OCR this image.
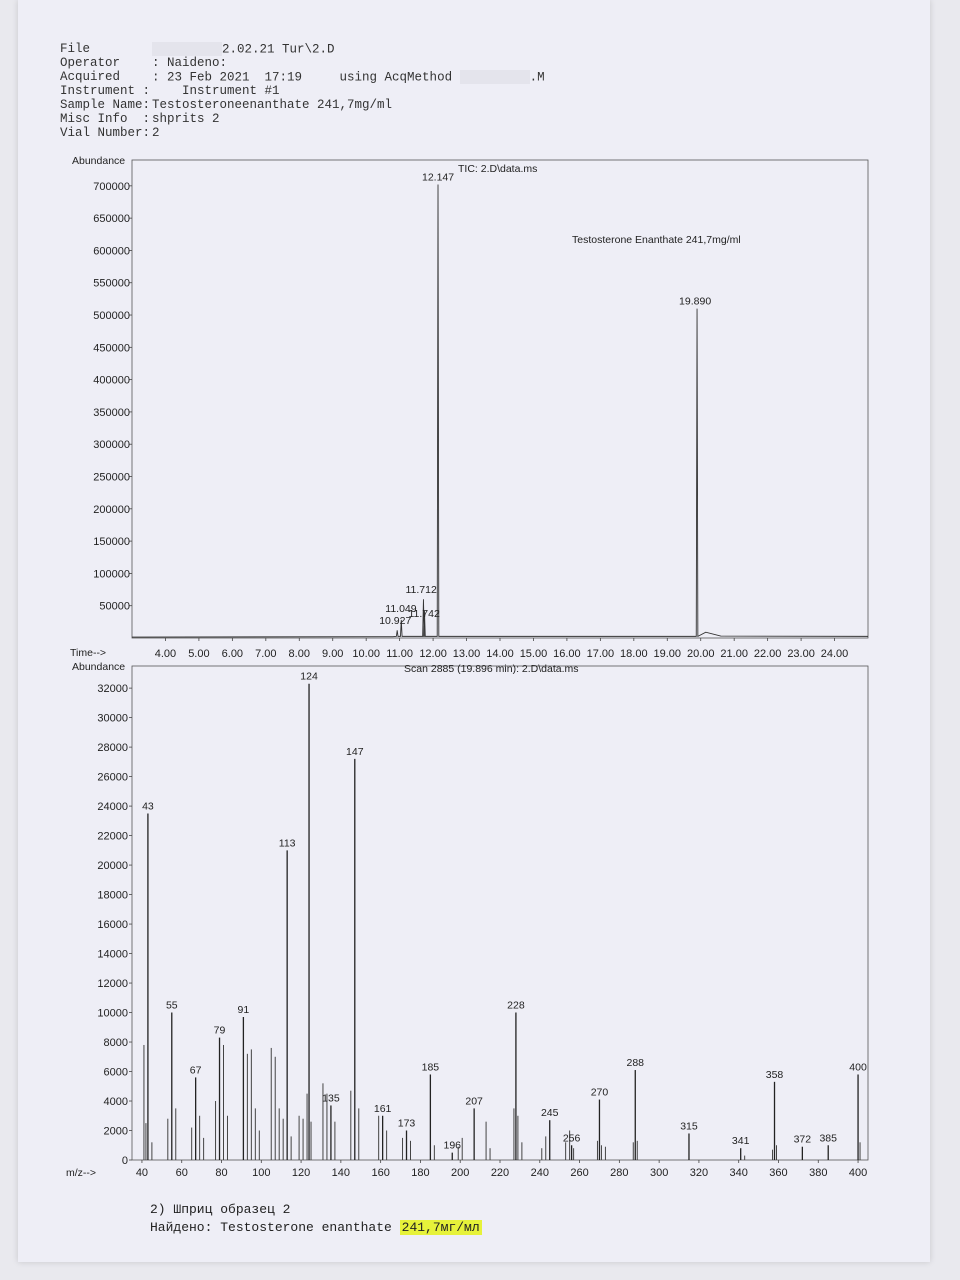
File	2.02.21 Tur\2.D
Operator	: Naideno:
Acquired	: 23 Feb 2021  17:19	using AcqMethod	.M
Instrument :	Instrument #1
Sample Name: Testosteroneenanthate 241,7mg/ml
Misc Info  : shprits 2
Vial Number: 2
Abundance
Time-->
TIC: 2.D\data.ms
Testosterone Enanthate 241,7mg/ml
50000
100000
150000
200000
250000
300000
350000
400000
450000
500000
550000
600000
650000
700000
4.00 5.00 6.00 7.00 8.00 9.00 10.00 11.00 12.00 13.00 14.00 15.00 16.00 17.00 18.00 19.00 20.00 21.00 22.00 23.00 24.00
10.927
11.049
11.712
11.742
12.147
19.890
Abundance
m/z-->
Scan 2885 (19.896 min): 2.D\data.ms
0
2000
4000
6000
8000
10000
12000
14000
16000
18000
20000
22000
24000
26000
28000
30000
32000
40	60	80 100 120 140 160 180 200 220 240 260 280 300 320 340 360 380 400
43
55
67
79
91
113
124
135
147
161
173
185
196
207
228
245
256
270
288
315
341
358
372 385
400
2) Шприц образец 2
Найдено: Testosterone enanthate 241,7мг/мл
